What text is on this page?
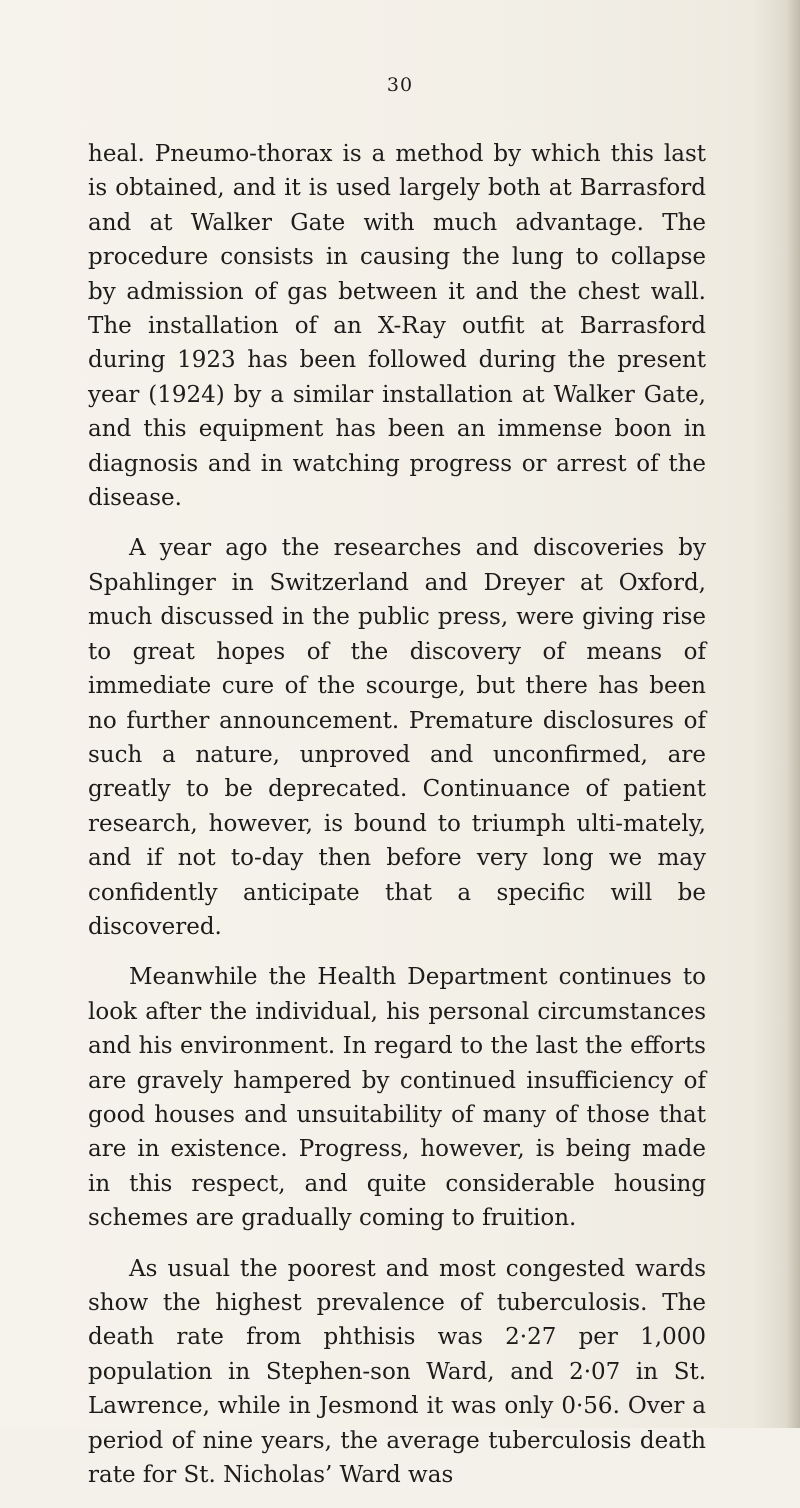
30

heal. Pneumo-thorax is a method by which this last is obtained, and it is used largely both at Barrasford and at Walker Gate with much advantage. The procedure consists in causing the lung to collapse by admission of gas between it and the chest wall. The installation of an X-Ray outfit at Barrasford during 1923 has been followed during the present year (1924) by a similar installation at Walker Gate, and this equipment has been an immense boon in diagnosis and in watching progress or arrest of the disease.

A year ago the researches and discoveries by Spahlinger in Switzerland and Dreyer at Oxford, much discussed in the public press, were giving rise to great hopes of the discovery of means of immediate cure of the scourge, but there has been no further announcement. Premature disclosures of such a nature, unproved and unconfirmed, are greatly to be deprecated. Continuance of patient research, however, is bound to triumph ulti-mately, and if not to-day then before very long we may confidently anticipate that a specific will be discovered.

Meanwhile the Health Department continues to look after the individual, his personal circumstances and his environment. In regard to the last the efforts are gravely hampered by continued insufficiency of good houses and unsuitability of many of those that are in existence. Progress, however, is being made in this respect, and quite considerable housing schemes are gradually coming to fruition.

As usual the poorest and most congested wards show the highest prevalence of tuberculosis. The death rate from phthisis was 2·27 per 1,000 population in Stephen-son Ward, and 2·07 in St. Lawrence, while in Jesmond it was only 0·56. Over a period of nine years, the average tuberculosis death rate for St. Nicholas’ Ward was
